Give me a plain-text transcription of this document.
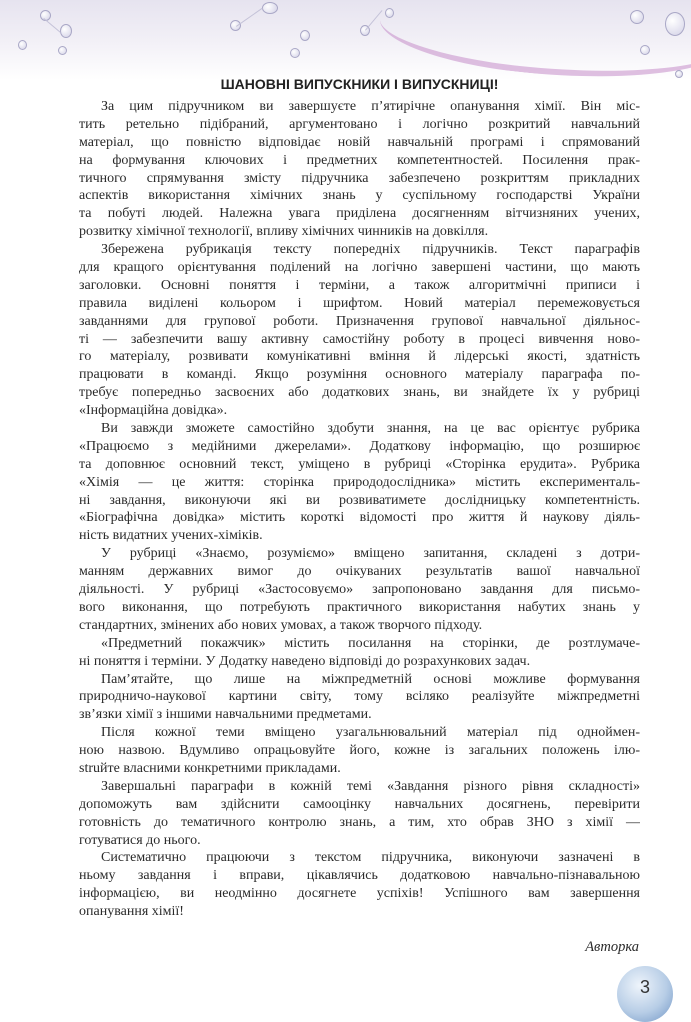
ШАНОВНІ ВИПУСКНИКИ І ВИПУСКНИЦІ!
За цим підручником ви завершуєте п’ятирічне опанування хімії. Він міс-
тить ретельно підібраний, аргументовано і логічно розкритий навчальний
матеріал, що повністю відповідає новій навчальній програмі і спрямований
на формування ключових і предметних компетентностей. Посилення прак-
тичного спрямування змісту підручника забезпечено розкриттям прикладних
аспектів використання хімічних знань у суспільному господарстві України
та побуті людей. Належна увага приділена досягненням вітчизняних учених,
розвитку хімічної технології, впливу хімічних чинників на довкілля.
Збережена рубрикація тексту попередніх підручників. Текст параграфів
для кращого орієнтування поділений на логічно завершені частини, що мають
заголовки. Основні поняття і терміни, а також алгоритмічні приписи і
правила виділені кольором і шрифтом. Новий матеріал перемежовується
завданнями для групової роботи. Призначення групової навчальної діяльнос-
ті — забезпечити вашу активну самостійну роботу в процесі вивчення ново-
го матеріалу, розвивати комунікативні вміння й лідерські якості, здатність
працювати в команді. Якщо розуміння основного матеріалу параграфа по-
требує попередньо засвоєних або додаткових знань, ви знайдете їх у рубриці
«Інформаційна довідка».
Ви завжди зможете самостійно здобути знання, на це вас орієнтує рубрика
«Працюємо з медійними джерелами». Додаткову інформацію, що розширює
та доповнює основний текст, уміщено в рубриці «Сторінка ерудита». Рубрика
«Хімія — це життя: сторінка природодослідника» містить експерименталь-
ні завдання, виконуючи які ви розвиватимете дослідницьку компетентність.
«Біографічна довідка» містить короткі відомості про життя й наукову діяль-
ність видатних учених-хіміків.
У рубриці «Знаємо, розуміємо» вміщено запитання, складені з дотри-
манням державних вимог до очікуваних результатів вашої навчальної
діяльності. У рубриці «Застосовуємо» запропоновано завдання для письмо-
вого виконання, що потребують практичного використання набутих знань у
стандартних, змінених або нових умовах, а також творчого підходу.
«Предметний покажчик» містить посилання на сторінки, де розтлумаче-
ні поняття і терміни. У Додатку наведено відповіді до розрахункових задач.
Пам’ятайте, що лише на міжпредметній основі можливе формування
природничо-наукової картини світу, тому всіляко реалізуйте міжпредметні
зв’язки хімії з іншими навчальними предметами.
Після кожної теми вміщено узагальнювальний матеріал під одноймен-
ною назвою. Вдумливо опрацьовуйте його, кожне із загальних положень ілю-
struйте власними конкретними прикладами.
Завершальні параграфи в кожній темі «Завдання різного рівня складності»
допоможуть вам здійснити самооцінку навчальних досягнень, перевірити
готовність до тематичного контролю знань, а тим, хто обрав ЗНО з хімії —
готуватися до нього.
Систематично працюючи з текстом підручника, виконуючи зазначені в
ньому завдання і вправи, цікавлячись додатковою навчально-пізнавальною
інформацією, ви неодмінно досягнете успіхів! Успішного вам завершення
опанування хімії!
Авторка
3
